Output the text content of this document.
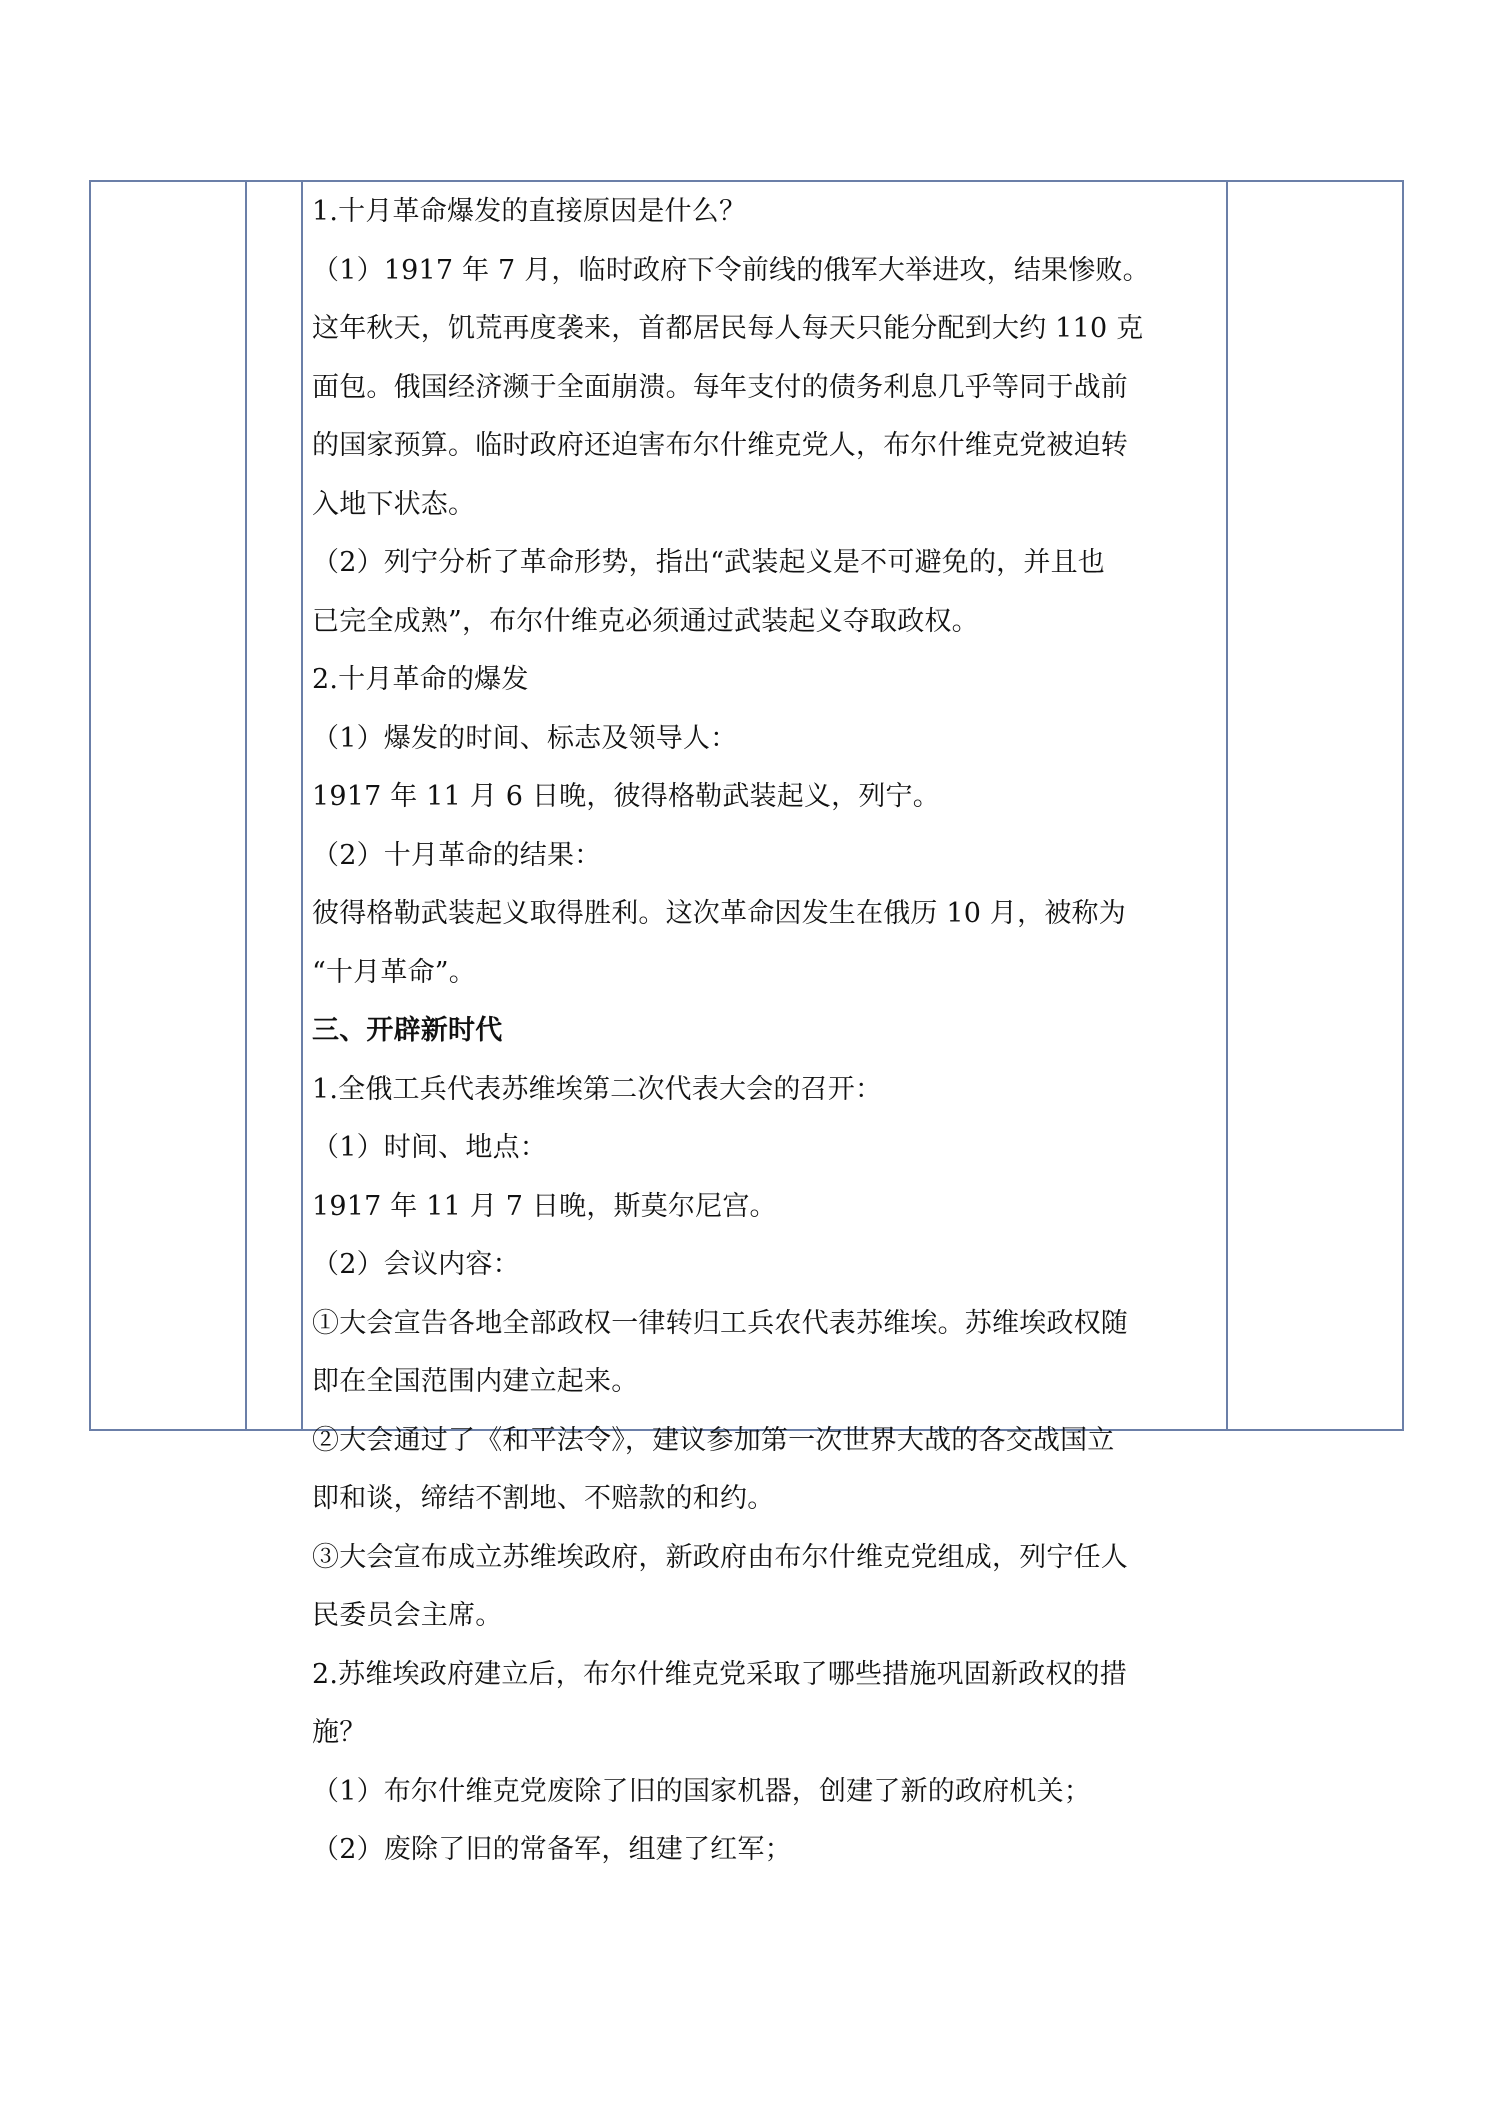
1.十月革命爆发的直接原因是什么？
（1）1917 年 7 月，临时政府下令前线的俄军大举进攻，结果惨败。
这年秋天，饥荒再度袭来，首都居民每人每天只能分配到大约 110 克
面包。俄国经济濒于全面崩溃。每年支付的债务利息几乎等同于战前
的国家预算。临时政府还迫害布尔什维克党人，布尔什维克党被迫转
入地下状态。
（2）列宁分析了革命形势，指出“武装起义是不可避免的，并且也
已完全成熟”，布尔什维克必须通过武装起义夺取政权。
2.十月革命的爆发
（1）爆发的时间、标志及领导人：
1917 年 11 月 6 日晚，彼得格勒武装起义，列宁。
（2）十月革命的结果：
彼得格勒武装起义取得胜利。这次革命因发生在俄历 10 月，被称为
“十月革命”。
三、开辟新时代
1.全俄工兵代表苏维埃第二次代表大会的召开：
（1）时间、地点：
1917 年 11 月 7 日晚，斯莫尔尼宫。
（2）会议内容：
①大会宣告各地全部政权一律转归工兵农代表苏维埃。苏维埃政权随
即在全国范围内建立起来。
②大会通过了《和平法令》，建议参加第一次世界大战的各交战国立
即和谈，缔结不割地、不赔款的和约。
③大会宣布成立苏维埃政府，新政府由布尔什维克党组成，列宁任人
民委员会主席。
2.苏维埃政府建立后，布尔什维克党采取了哪些措施巩固新政权的措
施？
（1）布尔什维克党废除了旧的国家机器，创建了新的政府机关；
（2）废除了旧的常备军，组建了红军；
